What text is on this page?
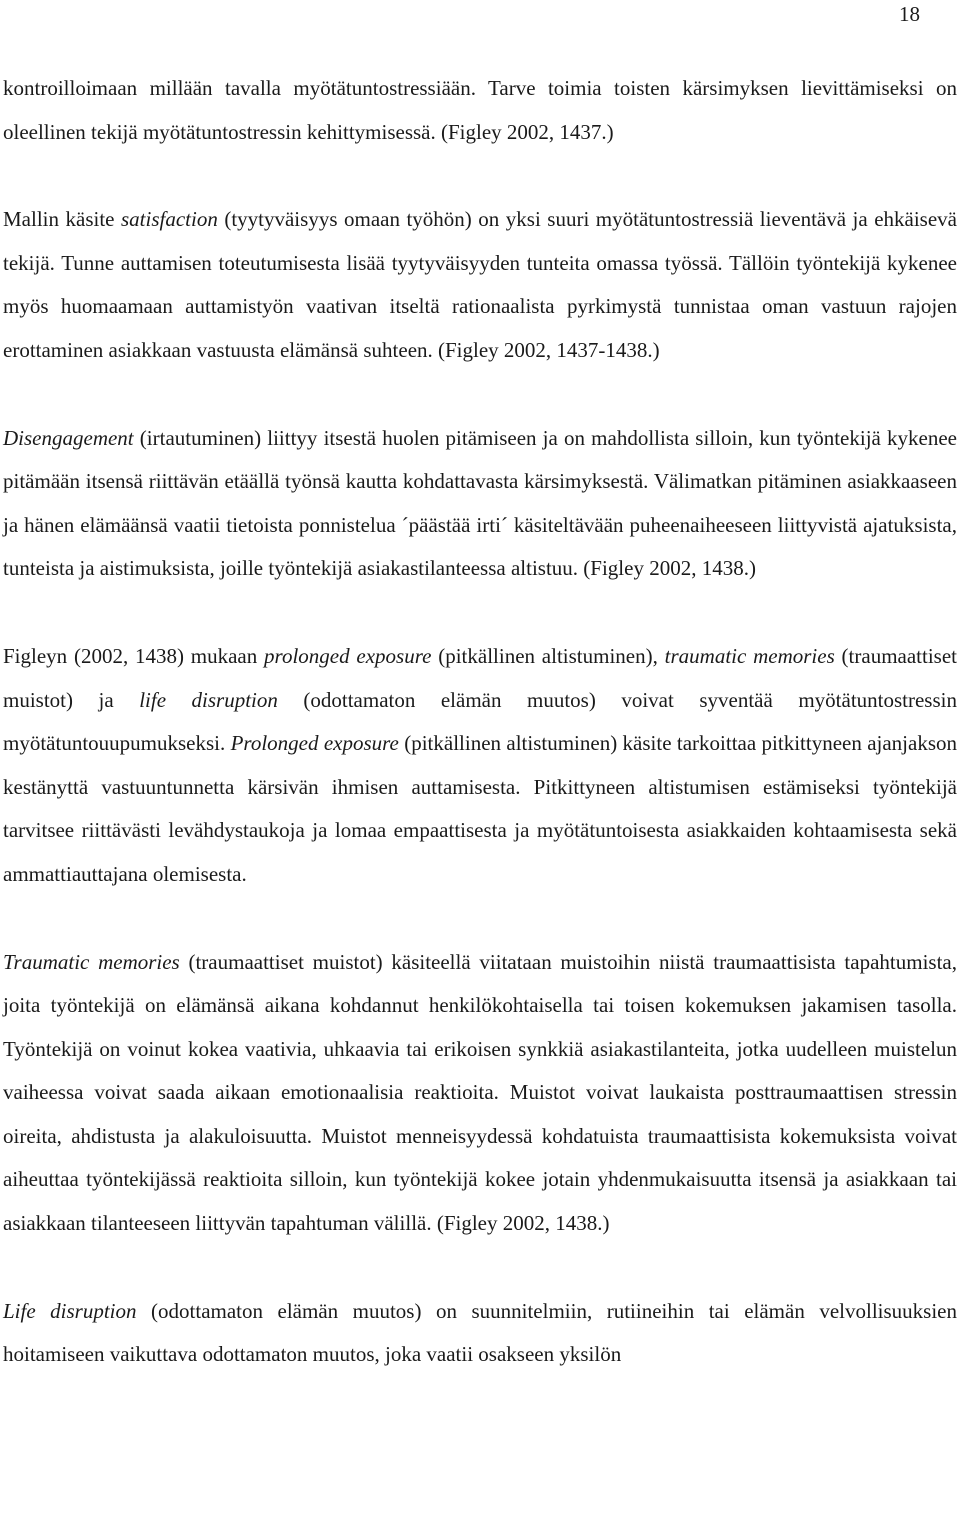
18

kontroilloimaan millään tavalla myötätuntostressiään. Tarve toimia toisten kärsimyksen lievittämiseksi on oleellinen tekijä myötätuntostressin kehittymisessä. (Figley 2002, 1437.)

Mallin käsite satisfaction (tyytyväisyys omaan työhön) on yksi suuri myötätuntostressiä lieventävä ja ehkäisevä tekijä. Tunne auttamisen toteutumisesta lisää tyytyväisyyden tunteita omassa työssä. Tällöin työntekijä kykenee myös huomaamaan auttamistyön vaativan itseltä rationaalista pyrkimystä tunnistaa oman vastuun rajojen erottaminen asiakkaan vastuusta elämänsä suhteen. (Figley 2002, 1437-1438.)

Disengagement (irtautuminen) liittyy itsestä huolen pitämiseen ja on mahdollista silloin, kun työntekijä kykenee pitämään itsensä riittävän etäällä työnsä kautta kohdattavasta kärsimyksestä. Välimatkan pitäminen asiakkaaseen ja hänen elämäänsä vaatii tietoista ponnistelua ´päästää irti´ käsiteltävään puheenaiheeseen liittyvistä ajatuksista, tunteista ja aistimuksista, joille työntekijä asiakastilanteessa altistuu. (Figley 2002, 1438.)

Figleyn (2002, 1438) mukaan prolonged exposure (pitkällinen altistuminen), traumatic memories (traumaattiset muistot) ja life disruption (odottamaton elämän muutos) voivat syventää myötätuntostressin myötätuntouupumukseksi. Prolonged exposure (pitkällinen altistuminen) käsite tarkoittaa pitkittyneen ajanjakson kestänyttä vastuuntunnetta kärsivän ihmisen auttamisesta. Pitkittyneen altistumisen estämiseksi työntekijä tarvitsee riittävästi levähdystaukoja ja lomaa empaattisesta ja myötätuntoisesta asiakkaiden kohtaamisesta sekä ammattiauttajana olemisesta.

Traumatic memories (traumaattiset muistot) käsiteellä viitataan muistoihin niistä traumaattisista tapahtumista, joita työntekijä on elämänsä aikana kohdannut henkilökohtaisella tai toisen kokemuksen jakamisen tasolla. Työntekijä on voinut kokea vaativia, uhkaavia tai erikoisen synkkiä asiakastilanteita, jotka uudelleen muistelun vaiheessa voivat saada aikaan emotionaalisia reaktioita. Muistot voivat laukaista posttraumaattisen stressin oireita, ahdistusta ja alakuloisuutta. Muistot menneisyydessä kohdatuista traumaattisista kokemuksista voivat aiheuttaa työntekijässä reaktioita silloin, kun työntekijä kokee jotain yhdenmukaisuutta itsensä ja asiakkaan tai asiakkaan tilanteeseen liittyvän tapahtuman välillä. (Figley 2002, 1438.)

Life disruption (odottamaton elämän muutos) on suunnitelmiin, rutiineihin tai elämän velvollisuuksien hoitamiseen vaikuttava odottamaton muutos, joka vaatii osakseen yksilön
